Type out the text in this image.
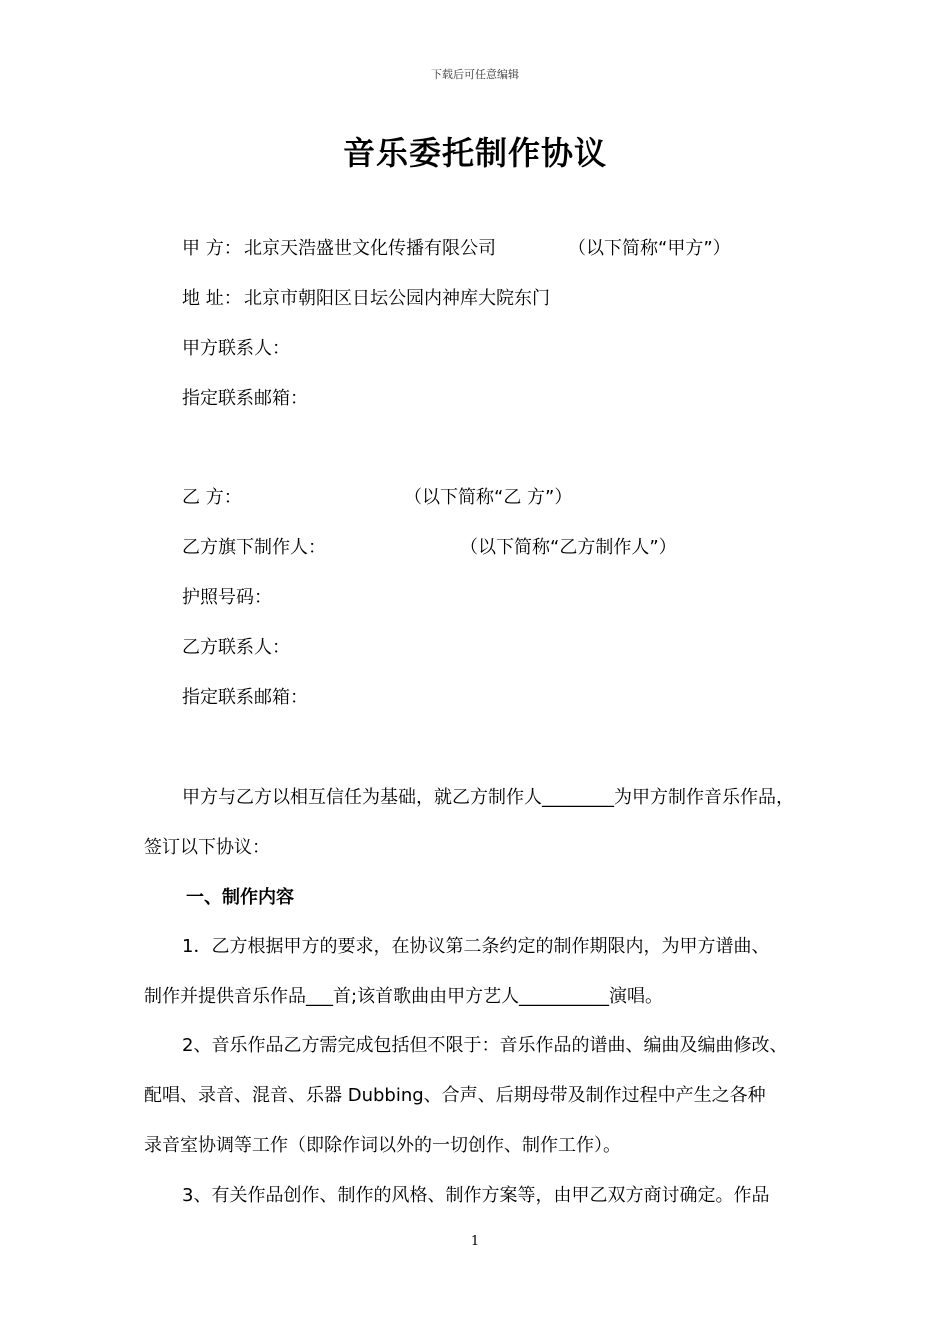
下载后可任意编辑
音乐委托制作协议
甲 方： 北京天浩盛世文化传播有限公司	（以下简称“甲方”）
地 址： 北京市朝阳区日坛公园内神库大院东门
甲方联系人：
指定联系邮箱：
乙 方：	（以下简称“乙 方”）
乙方旗下制作人：	（以下简称“乙方制作人”）
护照号码：
乙方联系人：
指定联系邮箱：
甲方与乙方以相互信任为基础，就乙方制作人________为甲方制作音乐作品，
签订以下协议：
一、制作内容
1．乙方根据甲方的要求，在协议第二条约定的制作期限内，为甲方谱曲、
制作并提供音乐作品___首;该首歌曲由甲方艺人__________演唱。
2、音乐作品乙方需完成包括但不限于：音乐作品的谱曲、编曲及编曲修改、
配唱、录音、混音、乐器 Dubbing、合声、后期母带及制作过程中产生之各种
录音室协调等工作（即除作词以外的一切创作、制作工作）。
3、有关作品创作、制作的风格、制作方案等，由甲乙双方商讨确定。作品
1
